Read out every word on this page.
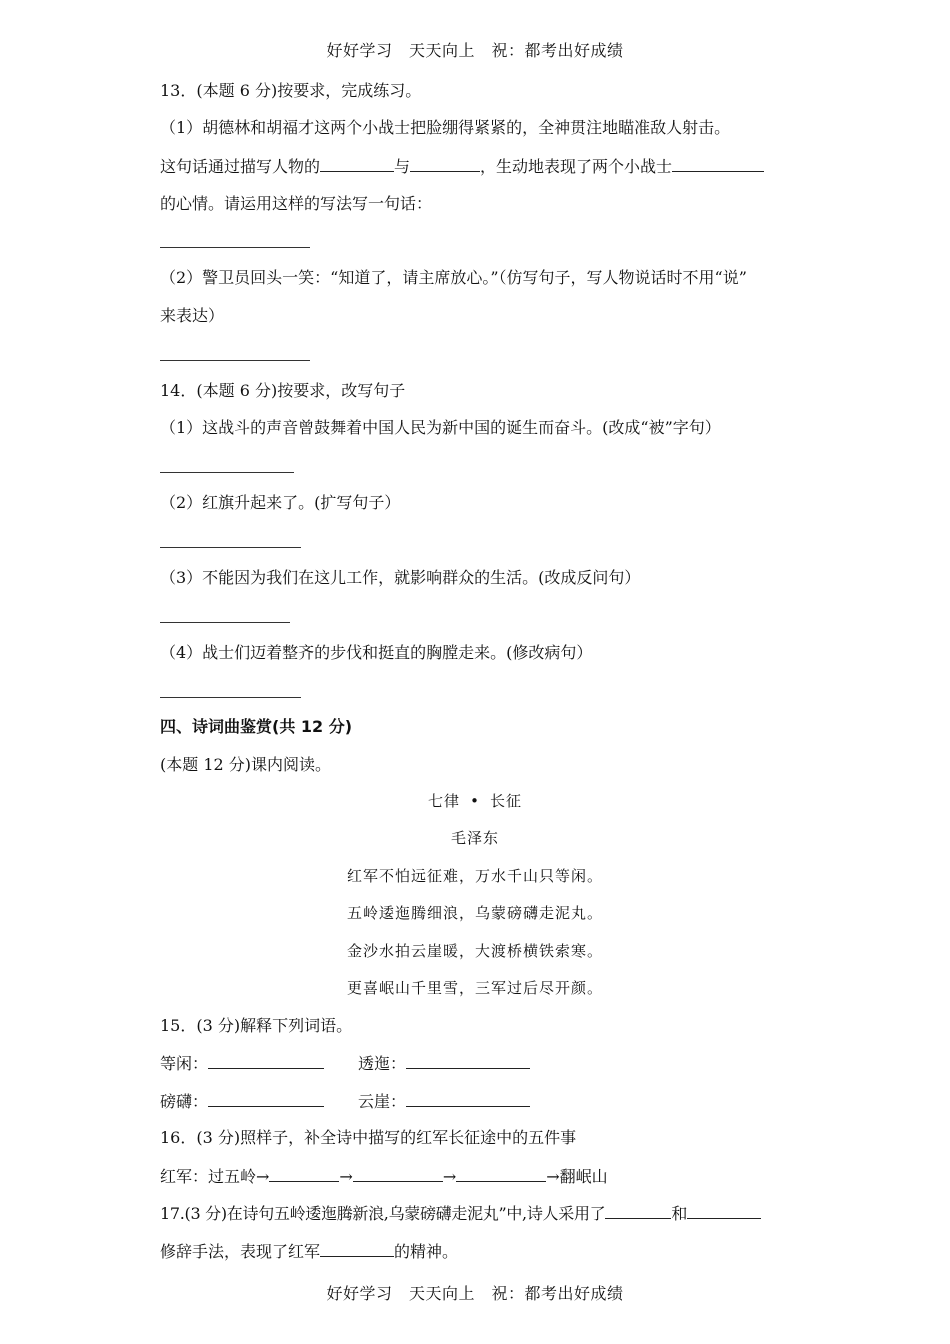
好好学习　天天向上　祝：都考出好成绩
13．(本题 6 分)按要求，完成练习。
（1）胡德林和胡福才这两个小战士把脸绷得紧紧的，全神贯注地瞄准敌人射击。
这句话通过描写人物的	与	，生动地表现了两个小战士
的心情。请运用这样的写法写一句话：
（2）警卫员回头一笑：“知道了，请主席放心。”（仿写句子，写人物说话时不用“说”
来表达）
14．(本题 6 分)按要求，改写句子
（1）这战斗的声音曾鼓舞着中国人民为新中国的诞生而奋斗。(改成“被”字句）
（2）红旗升起来了。(扩写句子）
（3）不能因为我们在这儿工作，就影响群众的生活。(改成反问句）
（4）战士们迈着整齐的步伐和挺直的胸膛走来。(修改病句）
四、诗词曲鉴赏(共 12 分)
(本题 12 分)课内阅读。
七律 • 长征
毛泽东
红军不怕远征难，万水千山只等闲。
五岭逶迤腾细浪，乌蒙磅礴走泥丸。
金沙水拍云崖暖，大渡桥横铁索寒。
更喜岷山千里雪，三军过后尽开颜。
15．(3 分)解释下列词语。
等闲：	透迤：
磅礴：	云崖：
16．(3 分)照样子，补全诗中描写的红军长征途中的五件事
红军：过五岭→	→	→	→翻岷山
17.(3 分)在诗句五岭逶迤腾新浪,乌蒙磅礴走泥丸”中,诗人采用了	和
修辞手法，表现了红军	的精神。
好好学习　天天向上　祝：都考出好成绩
